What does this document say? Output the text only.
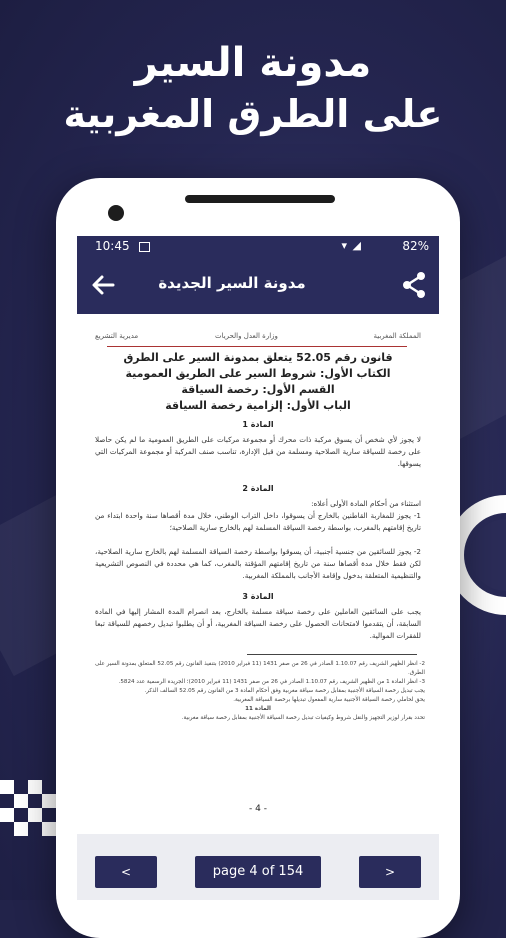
مدونة السير
على الطرق المغربية
10:45	▾ ◢	82%
مدونة السير الجديدة
المملكة المغربية
وزارة العدل والحريات
مديرية التشريع
قانون رقم 52.05 يتعلق بمدونة السير على الطرق
الكتاب الأول: شروط السير على الطريق العمومية
القسم الأول: رخصة السياقة
الباب الأول: إلزامية رخصة السياقة
المادة 1
لا يجوز لأي شخص أن يسوق مركبة ذات محرك أو مجموعة مركبات على الطريق العمومية ما لم يكن حاصلا على رخصة للسياقة سارية الصلاحية ومسلمة من قبل الإدارة، تناسب صنف المركبة أو مجموعة المركبات التي يسوقها.
المادة 2
استثناء من أحكام المادة الأولى أعلاه:
1- يجوز للمغاربة القاطنين بالخارج أن يسوقوا، داخل التراب الوطني، خلال مدة أقصاها سنة واحدة ابتداء من تاريخ إقامتهم بالمغرب، بواسطة رخصة السياقة المسلمة لهم بالخارج سارية الصلاحية؛
2- يجوز للسائقين من جنسية أجنبية، أن يسوقوا بواسطة رخصة السياقة المسلمة لهم بالخارج سارية الصلاحية، لكن فقط خلال مدة أقصاها سنة من تاريخ إقامتهم المؤقتة بالمغرب، كما هي محددة في النصوص التشريعية والتنظيمية المتعلقة بدخول وإقامة الأجانب بالمملكة المغربية.
المادة 3
يجب على السائقين العاملين على رخصة سياقة مسلمة بالخارج، بعد انصرام المدة المشار إليها في المادة السابقة، أن يتقدموا لامتحانات الحصول على رخصة السياقة المغربية، أو أن يطلبوا تبديل رخصهم للسياقة تبعا للفقرات الموالية.
2- انظر الظهير الشريف رقم 1.10.07 الصادر في 26 من صفر 1431 (11 فبراير 2010) بتنفيذ القانون رقم 52.05 المتعلق بمدونة السير على الطرق.
3- انظر المادة 1 من الظهير الشريف رقم 1.10.07 الصادر في 26 من صفر 1431 (11 فبراير 2010)؛ الجريدة الرسمية عدد 5824.
يجب تبديل رخصة السياقة الأجنبية بمقابل رخصة سياقة مغربية وفق أحكام المادة 3 من القانون رقم 52.05 السالف الذكر.
يحق لحاملي رخصة السياقة الأجنبية سارية المفعول تبديلها برخصة السياقة المغربية.
المادة 11
تحدد بقرار لوزير التجهيز والنقل شروط وكيفيات تبديل رخصة السياقة الأجنبية بمقابل رخصة سياقة مغربية.
- 4 -
<	page 4 of 154	>
